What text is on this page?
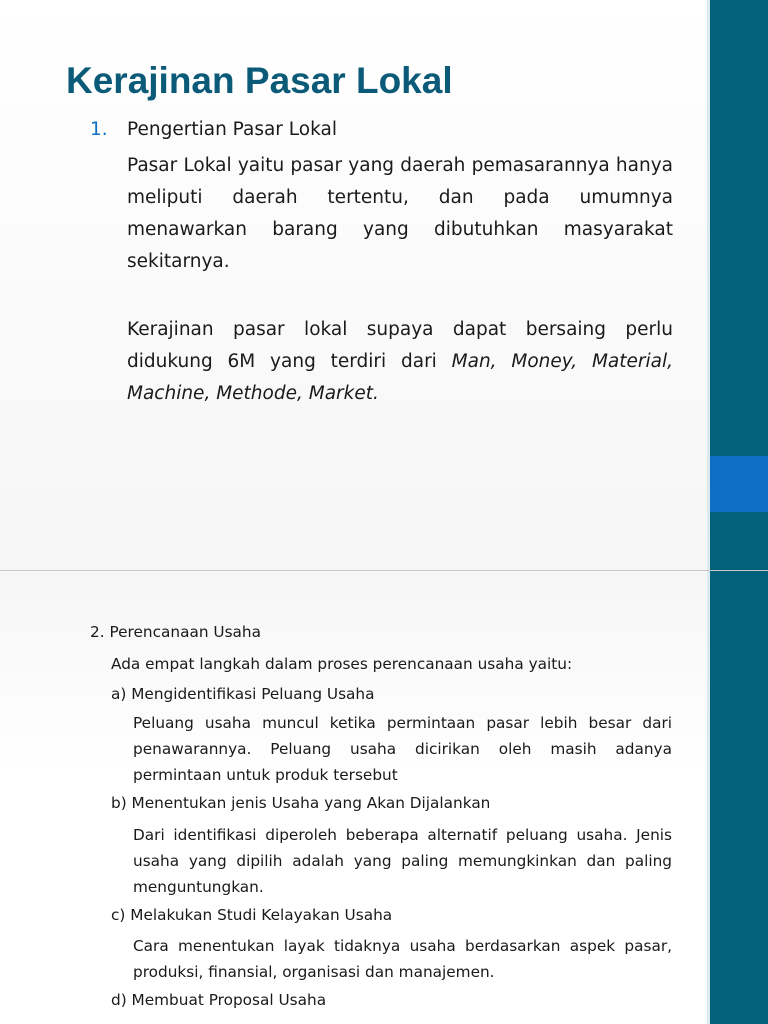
Kerajinan Pasar Lokal
1. Pengertian Pasar Lokal

Pasar Lokal yaitu pasar yang daerah pemasarannya hanya meliputi daerah tertentu, dan pada umumnya menawarkan barang yang dibutuhkan masyarakat sekitarnya.

Kerajinan pasar lokal supaya dapat bersaing perlu didukung 6M yang terdiri dari Man, Money, Material, Machine, Methode, Market.

2. Perencanaan Usaha
Ada empat langkah dalam proses perencanaan usaha yaitu:
a) Mengidentifikasi Peluang Usaha

Peluang usaha muncul ketika permintaan pasar lebih besar dari penawarannya. Peluang usaha dicirikan oleh masih adanya permintaan untuk produk tersebut

b) Menentukan jenis Usaha yang Akan Dijalankan

Dari identifikasi diperoleh beberapa alternatif peluang usaha. Jenis usaha yang dipilih adalah yang paling memungkinkan dan paling menguntungkan.

c) Melakukan Studi Kelayakan Usaha

Cara menentukan layak tidaknya usaha berdasarkan aspek pasar, produksi, finansial, organisasi dan manajemen.

d) Membuat Proposal Usaha
